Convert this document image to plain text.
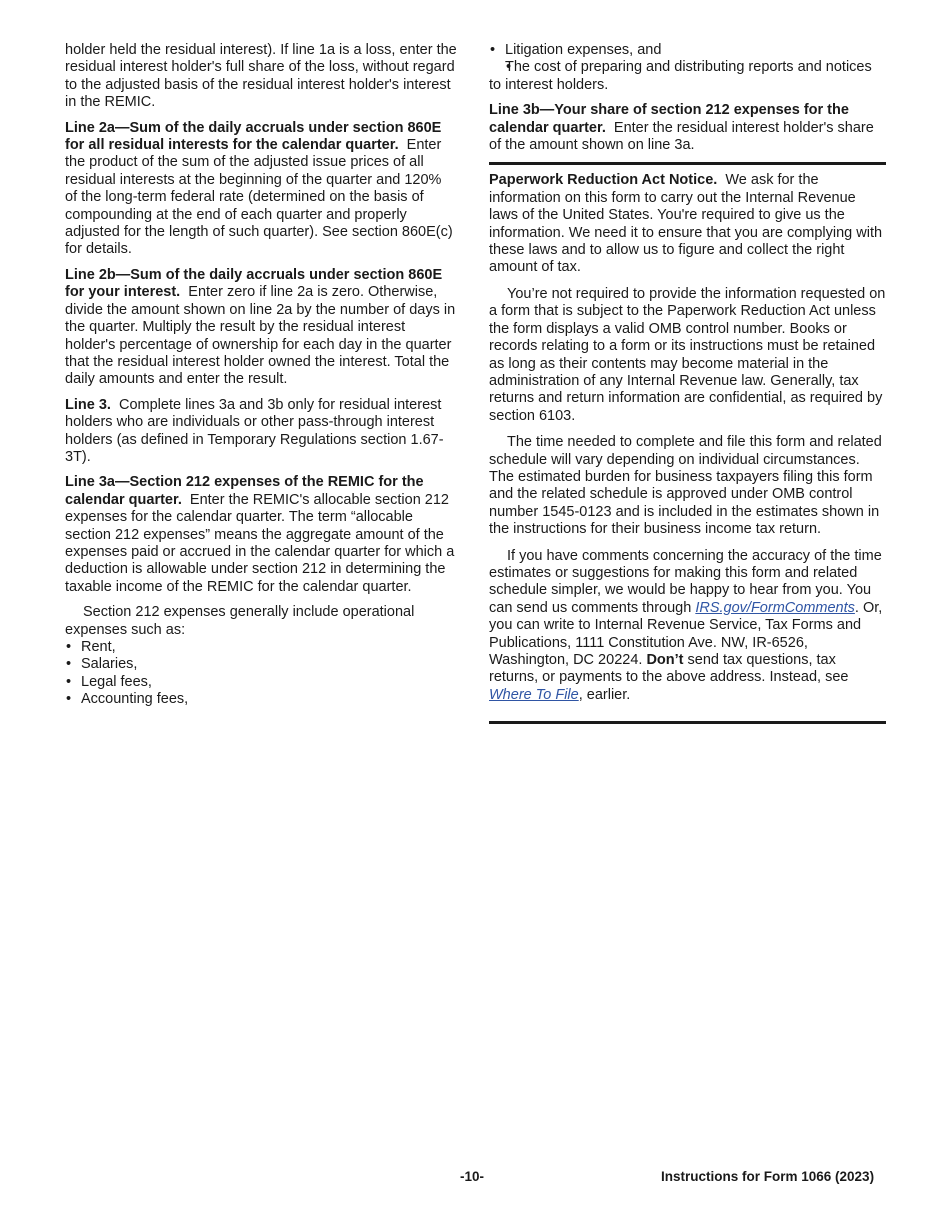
holder held the residual interest). If line 1a is a loss, enter the residual interest holder's full share of the loss, without regard to the adjusted basis of the residual interest holder's interest in the REMIC.

Line 2a—Sum of the daily accruals under section 860E for all residual interests for the calendar quarter. Enter the product of the sum of the adjusted issue prices of all residual interests at the beginning of the quarter and 120% of the long-term federal rate (determined on the basis of compounding at the end of each quarter and properly adjusted for the length of such quarter). See section 860E(c) for details.

Line 2b—Sum of the daily accruals under section 860E for your interest. Enter zero if line 2a is zero. Otherwise, divide the amount shown on line 2a by the number of days in the quarter. Multiply the result by the residual interest holder's percentage of ownership for each day in the quarter that the residual interest holder owned the interest. Total the daily amounts and enter the result.

Line 3. Complete lines 3a and 3b only for residual interest holders who are individuals or other pass-through interest holders (as defined in Temporary Regulations section 1.67-3T).

Line 3a—Section 212 expenses of the REMIC for the calendar quarter. Enter the REMIC's allocable section 212 expenses for the calendar quarter. The term “allocable section 212 expenses” means the aggregate amount of the expenses paid or accrued in the calendar quarter for which a deduction is allowable under section 212 in determining the taxable income of the REMIC for the calendar quarter.

Section 212 expenses generally include operational expenses such as:

• Rent,
• Salaries,
• Legal fees,
• Accounting fees,
• Litigation expenses, and
• The cost of preparing and distributing reports and notices to interest holders.

Line 3b—Your share of section 212 expenses for the calendar quarter. Enter the residual interest holder's share of the amount shown on line 3a.

Paperwork Reduction Act Notice. We ask for the information on this form to carry out the Internal Revenue laws of the United States. You're required to give us the information. We need it to ensure that you are complying with these laws and to allow us to figure and collect the right amount of tax.

You’re not required to provide the information requested on a form that is subject to the Paperwork Reduction Act unless the form displays a valid OMB control number. Books or records relating to a form or its instructions must be retained as long as their contents may become material in the administration of any Internal Revenue law. Generally, tax returns and return information are confidential, as required by section 6103.

The time needed to complete and file this form and related schedule will vary depending on individual circumstances. The estimated burden for business taxpayers filing this form and the related schedule is approved under OMB control number 1545-0123 and is included in the estimates shown in the instructions for their business income tax return.

If you have comments concerning the accuracy of the time estimates or suggestions for making this form and related schedule simpler, we would be happy to hear from you. You can send us comments through IRS.gov/FormComments. Or, you can write to Internal Revenue Service, Tax Forms and Publications, 1111 Constitution Ave. NW, IR-6526, Washington, DC 20224. Don’t send tax questions, tax returns, or payments to the above address. Instead, see Where To File, earlier.

-10-	Instructions for Form 1066 (2023)
